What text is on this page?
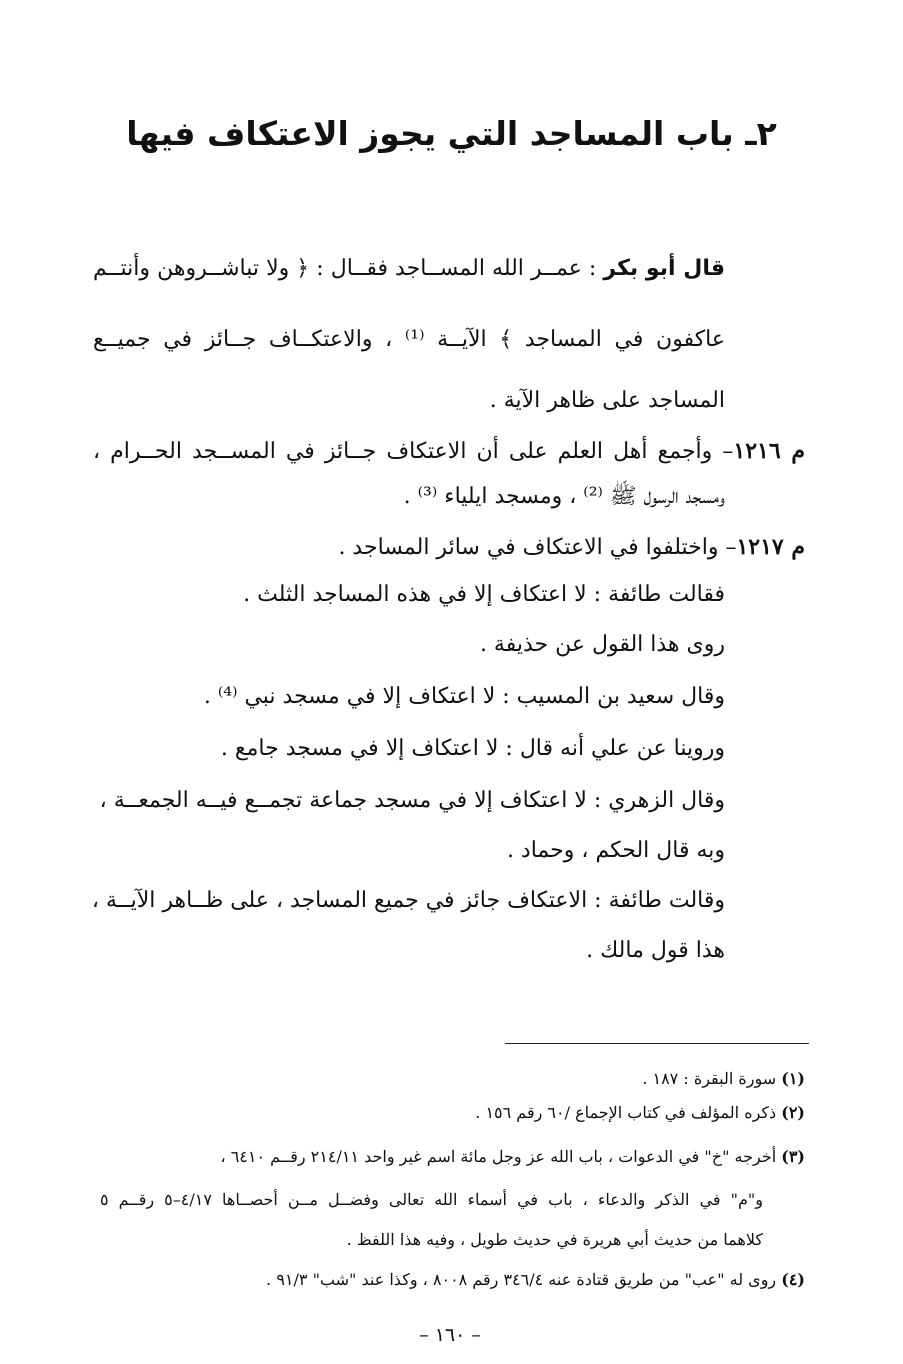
٢ـ باب المساجد التي يجوز الاعتكاف فيها
قال أبو بكر : عمــر الله المســاجد فقــال : ﴿ ولا تباشــروهن وأنتــم
عاكفون في المساجد ﴾ الآيــة ⁽¹⁾ ، والاعتكــاف جــائز في جميــع
المساجد على ظاهر الآية .
م ١٢١٦– وأجمع أهل العلم على أن الاعتكاف جــائز في المســجد الحــرام ،
ومسجد الرسول ﷺ ⁽²⁾ ، ومسجد ايلياء ⁽³⁾ .
م ١٢١٧– واختلفوا في الاعتكاف في سائر المساجد .
فقالت طائفة : لا اعتكاف إلا في هذه المساجد الثلث .
روى هذا القول عن حذيفة .
وقال سعيد بن المسيب : لا اعتكاف إلا في مسجد نبي ⁽⁴⁾ .
وروينا عن علي أنه قال : لا اعتكاف إلا في مسجد جامع .
وقال الزهري : لا اعتكاف إلا في مسجد جماعة تجمــع فيــه الجمعــة ،
وبه قال الحكم ، وحماد .
وقالت طائفة : الاعتكاف جائز في جميع المساجد ، على ظــاهر الآيــة ،
هذا قول مالك .
(١) سورة البقرة : ١٨٧ .
(٢) ذكره المؤلف في كتاب الإجماع /٦٠ رقم ١٥٦ .
(٣) أخرجه "خ" في الدعوات ، باب الله عز وجل مائة اسم غير واحد ٢١٤/١١ رقــم ٦٤١٠ ،
و"م" في الذكر والدعاء ، باب في أسماء الله تعالى وفضــل مــن أحصــاها ٤/١٧–٥ رقــم ٥
كلاهما من حديث أبي هريرة في حديث طويل ، وفيه هذا اللفظ .
(٤) روى له "عب" من طريق قتادة عنه ٣٤٦/٤ رقم ٨٠٠٨ ، وكذا عند "شب" ٩١/٣ .
– ١٦٠ –
